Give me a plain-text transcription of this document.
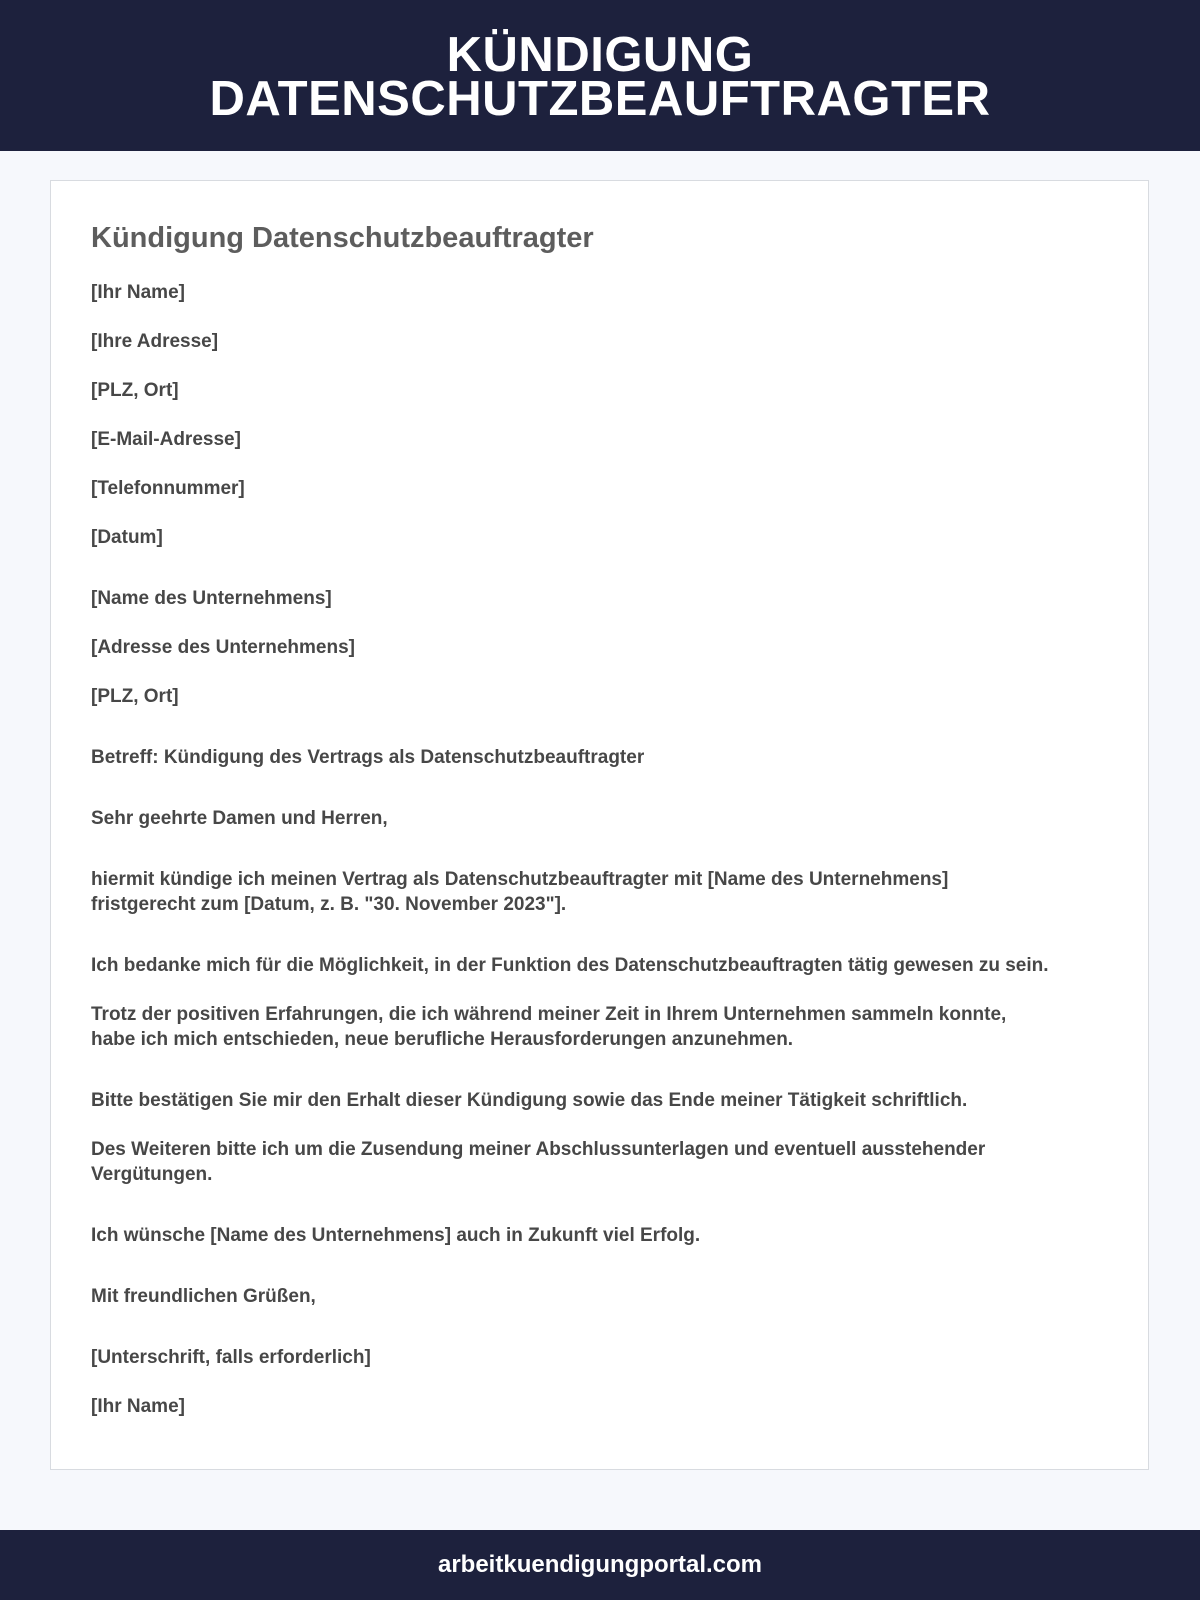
KÜNDIGUNG
DATENSCHUTZBEAUFTRAGTER
Kündigung Datenschutzbeauftragter

[Ihr Name]

[Ihre Adresse]

[PLZ, Ort]

[E-Mail-Adresse]

[Telefonnummer]

[Datum]

[Name des Unternehmens]

[Adresse des Unternehmens]

[PLZ, Ort]

Betreff: Kündigung des Vertrags als Datenschutzbeauftragter

Sehr geehrte Damen und Herren,

hiermit kündige ich meinen Vertrag als Datenschutzbeauftragter mit [Name des Unternehmens]

fristgerecht zum [Datum, z. B. "30. November 2023"].

Ich bedanke mich für die Möglichkeit, in der Funktion des Datenschutzbeauftragten tätig gewesen zu sein.

Trotz der positiven Erfahrungen, die ich während meiner Zeit in Ihrem Unternehmen sammeln konnte,

habe ich mich entschieden, neue berufliche Herausforderungen anzunehmen.

Bitte bestätigen Sie mir den Erhalt dieser Kündigung sowie das Ende meiner Tätigkeit schriftlich.

Des Weiteren bitte ich um die Zusendung meiner Abschlussunterlagen und eventuell ausstehender

Vergütungen.

Ich wünsche [Name des Unternehmens] auch in Zukunft viel Erfolg.

Mit freundlichen Grüßen,

[Unterschrift, falls erforderlich]

[Ihr Name]

arbeitkuendigungportal.com
